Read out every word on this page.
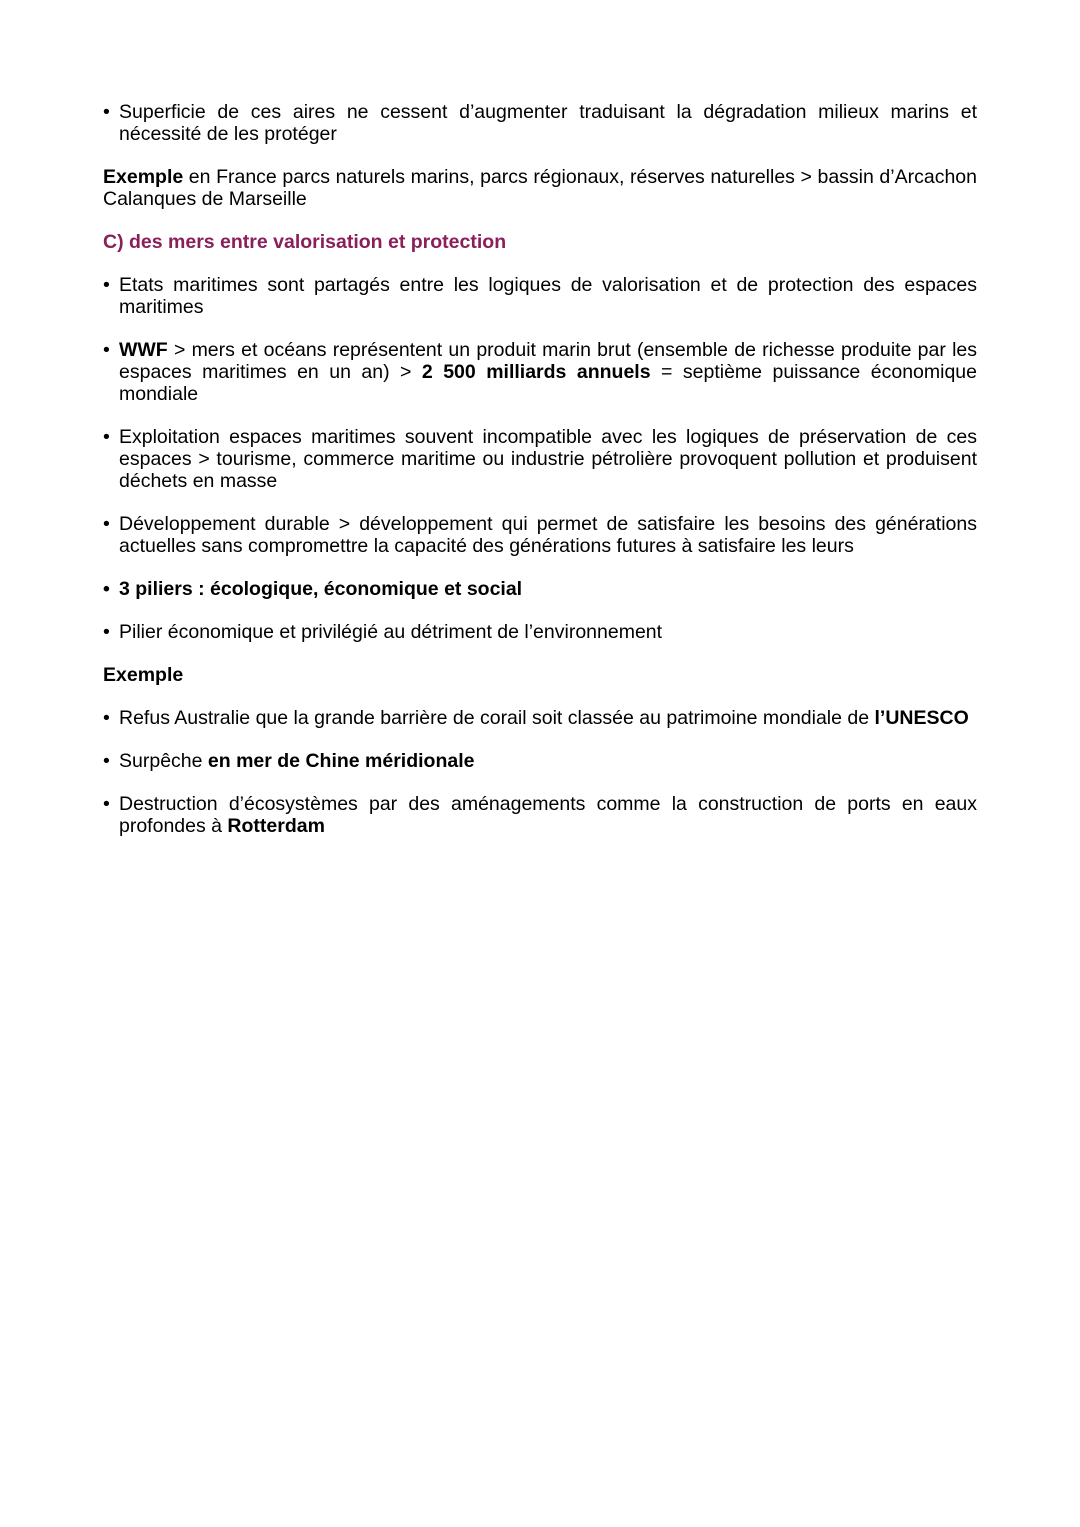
• Superficie de ces aires ne cessent d’augmenter traduisant la dégradation milieux marins et nécessité de les protéger
Exemple en France parcs naturels marins, parcs régionaux, réserves naturelles > bassin d’Arcachon Calanques de Marseille
C) des mers entre valorisation et protection
• Etats maritimes sont partagés entre les logiques de valorisation et de protection des espaces maritimes
• WWF > mers et océans représentent un produit marin brut (ensemble de richesse produite par les espaces maritimes en un an) > 2 500 milliards annuels = septième puissance économique mondiale
• Exploitation espaces maritimes souvent incompatible avec les logiques de préservation de ces espaces > tourisme, commerce maritime ou industrie pétrolière provoquent pollution et produisent déchets en masse
• Développement durable > développement qui permet de satisfaire les besoins des générations actuelles sans compromettre la capacité des générations futures à satisfaire les leurs
• 3 piliers : écologique, économique et social
• Pilier économique et privilégié au détriment de l’environnement
Exemple
• Refus Australie que la grande barrière de corail soit classée au patrimoine mondiale de l’UNESCO
• Surpêche en mer de Chine méridionale
• Destruction d’écosystèmes par des aménagements comme la construction de ports en eaux profondes à Rotterdam
